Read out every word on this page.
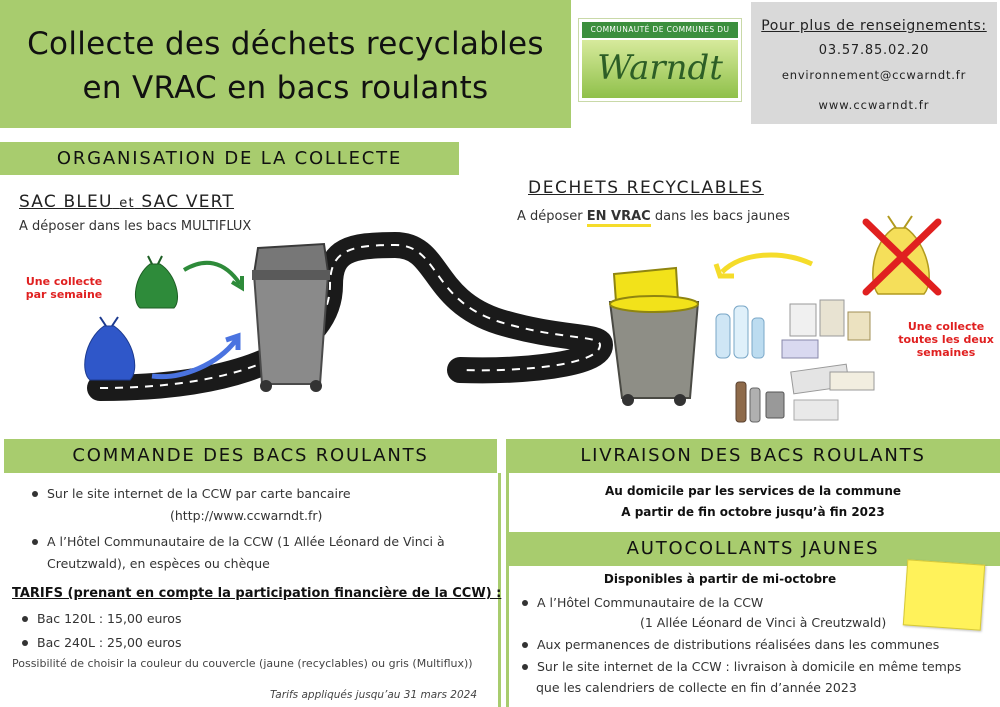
Collecte des déchets recyclables
en VRAC en bacs roulants
COMMUNAUTÉ DE COMMUNES DU
Warndt
Pour plus de renseignements:
03.57.85.02.20
environnement@ccwarndt.fr
www.ccwarndt.fr
ORGANISATION DE LA COLLECTE
SAC BLEU et SAC VERT
A déposer dans les bacs MULTIFLUX
DECHETS RECYCLABLES
A déposer EN VRAC dans les bacs jaunes
Une collecte par semaine
Une collecte toutes les deux semaines
COMMANDE DES BACS ROULANTS
Sur le site internet de la CCW par carte bancaire
(http://www.ccwarndt.fr)
A l’Hôtel Communautaire de la CCW (1 Allée Léonard de Vinci à
Creutzwald), en espèces ou chèque
TARIFS (prenant en compte la participation financière de la CCW) :
Bac 120L : 15,00 euros
Bac 240L : 25,00 euros
Possibilité de choisir la couleur du couvercle (jaune (recyclables) ou gris (Multiflux))
Tarifs appliqués jusqu’au 31 mars 2024
LIVRAISON DES BACS ROULANTS
Au domicile par les services de la commune
A partir de fin octobre jusqu’à fin 2023
AUTOCOLLANTS JAUNES
Disponibles à partir de mi-octobre
A l’Hôtel Communautaire de la CCW
(1 Allée Léonard de Vinci à Creutzwald)
Aux permanences de distributions réalisées dans les communes
Sur le site internet de la CCW : livraison à domicile en même temps
que les calendriers de collecte en fin d’année 2023
